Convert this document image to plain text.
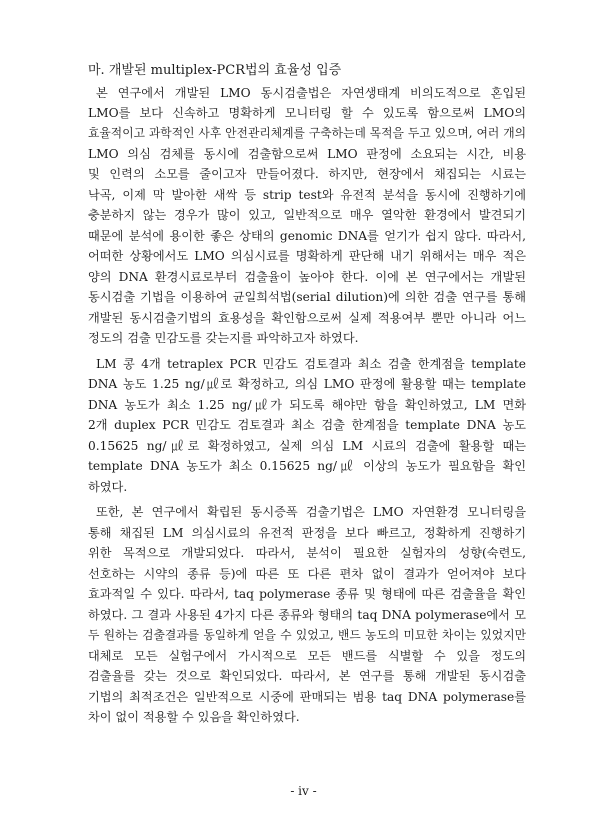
마. 개발된 multiplex-PCR법의 효율성 입증
본 연구에서 개발된 LMO 동시검출법은 자연생태계 비의도적으로 혼입된
LMO를 보다 신속하고 명확하게 모니터링 할 수 있도록 함으로써 LMO의
효율적이고 과학적인 사후 안전관리체계를 구축하는데 목적을 두고 있으며, 여러 개의
LMO 의심 검체를 동시에 검출함으로써 LMO 판정에 소요되는 시간, 비용
및 인력의 소모를 줄이고자 만들어졌다. 하지만, 현장에서 채집되는 시료는
낙곡, 이제 막 발아한 새싹 등 strip test와 유전적 분석을 동시에 진행하기에
충분하지 않는 경우가 많이 있고, 일반적으로 매우 열악한 환경에서 발견되기
때문에 분석에 용이한 좋은 상태의 genomic DNA를 얻기가 쉽지 않다. 따라서,
어떠한 상황에서도 LMO 의심시료를 명확하게 판단해 내기 위해서는 매우 적은
양의 DNA 환경시료로부터 검출율이 높아야 한다. 이에 본 연구에서는 개발된
동시검출 기법을 이용하여 균일희석법(serial dilution)에 의한 검출 연구를 통해
개발된 동시검출기법의 효용성을 확인함으로써 실제 적용여부 뿐만 아니라 어느
정도의 검출 민감도를 갖는지를 파악하고자 하였다.
LM 콩 4개 tetraplex PCR 민감도 검토결과 최소 검출 한계점을 template
DNA 농도 1.25 ng/㎕로 확정하고, 의심 LMO 판정에 활용할 때는 template
DNA 농도가 최소 1.25 ng/㎕가 되도록 해야만 함을 확인하였고, LM 면화
2개 duplex PCR 민감도 검토결과 최소 검출 한계점을 template DNA 농도
0.15625 ng/㎕로 확정하였고, 실제 의심 LM 시료의 검출에 활용할 때는
template DNA 농도가 최소 0.15625 ng/㎕ 이상의 농도가 필요함을 확인
하였다.
또한, 본 연구에서 확립된 동시증폭 검출기법은 LMO 자연환경 모니터링을
통해 채집된 LM 의심시료의 유전적 판정을 보다 빠르고, 정확하게 진행하기
위한 목적으로 개발되었다. 따라서, 분석이 필요한 실험자의 성향(숙련도,
선호하는 시약의 종류 등)에 따른 또 다른 편차 없이 결과가 얻어져야 보다
효과적일 수 있다. 따라서, taq polymerase 종류 및 형태에 따른 검출율을 확인
하였다. 그 결과 사용된 4가지 다른 종류와 형태의 taq DNA polymerase에서 모
두 원하는 검출결과를 동일하게 얻을 수 있었고, 밴드 농도의 미묘한 차이는 있었지만
대체로 모든 실험구에서 가시적으로 모든 밴드를 식별할 수 있을 정도의
검출율를 갖는 것으로 확인되었다. 따라서, 본 연구를 통해 개발된 동시검출
기법의 최적조건은 일반적으로 시중에 판매되는 범용 taq DNA polymerase를
차이 없이 적용할 수 있음을 확인하였다.
- iv -
